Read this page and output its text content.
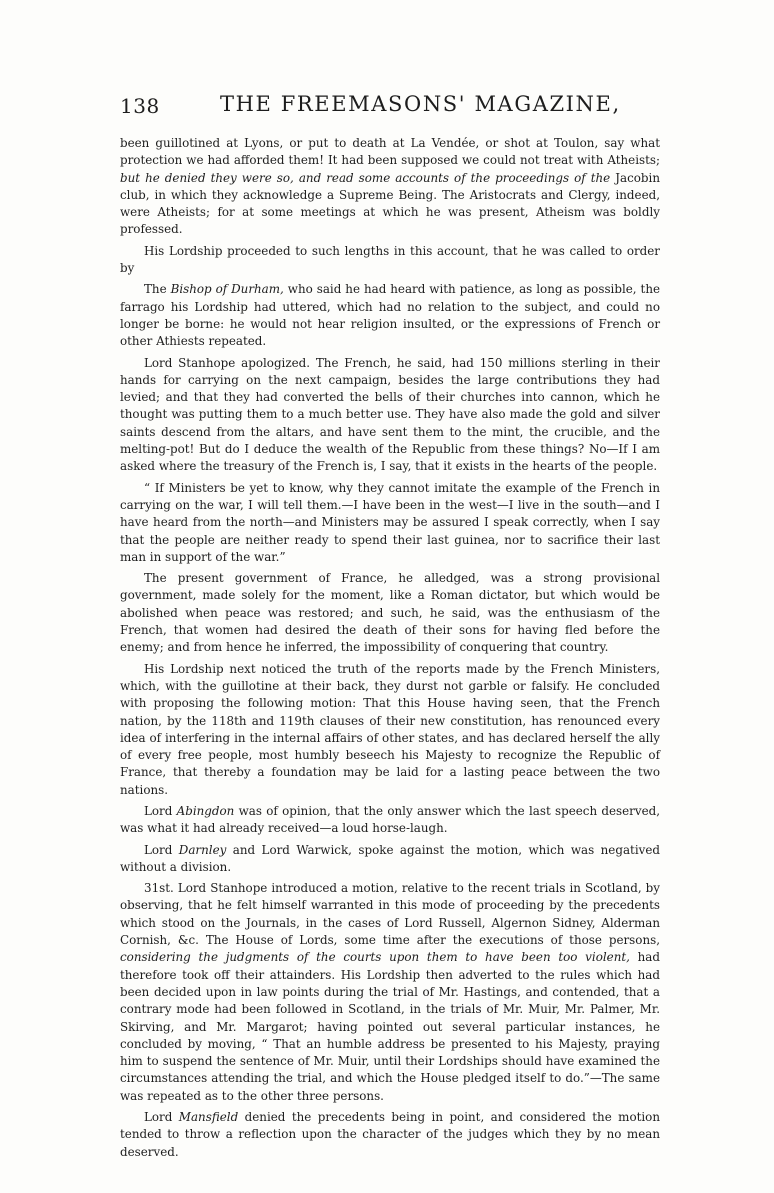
138	THE FREEMASONS' MAGAZINE,

been guillotined at Lyons, or put to death at La Vendée, or shot at Toulon, say what protection we had afforded them! It had been supposed we could not treat with Atheists; but he denied they were so, and read some accounts of the proceedings of the Jacobin club, in which they acknowledge a Supreme Being. The Aristocrats and Clergy, indeed, were Atheists; for at some meetings at which he was present, Atheism was boldly professed.

His Lordship proceeded to such lengths in this account, that he was called to order by

The Bishop of Durham, who said he had heard with patience, as long as possible, the farrago his Lordship had uttered, which had no relation to the subject, and could no longer be borne: he would not hear religion insulted, or the expressions of French or other Athiests repeated.

Lord Stanhope apologized. The French, he said, had 150 millions sterling in their hands for carrying on the next campaign, besides the large contributions they had levied; and that they had converted the bells of their churches into cannon, which he thought was putting them to a much better use. They have also made the gold and silver saints descend from the altars, and have sent them to the mint, the crucible, and the melting-pot! But do I deduce the wealth of the Republic from these things? No—If I am asked where the treasury of the French is, I say, that it exists in the hearts of the people.

“ If Ministers be yet to know, why they cannot imitate the example of the French in carrying on the war, I will tell them.—I have been in the west—I live in the south—and I have heard from the north—and Ministers may be assured I speak correctly, when I say that the people are neither ready to spend their last guinea, nor to sacrifice their last man in support of the war.”

The present government of France, he alledged, was a strong provisional government, made solely for the moment, like a Roman dictator, but which would be abolished when peace was restored; and such, he said, was the enthusiasm of the French, that women had desired the death of their sons for having fled before the enemy; and from hence he inferred, the impossibility of conquering that country.

His Lordship next noticed the truth of the reports made by the French Ministers, which, with the guillotine at their back, they durst not garble or falsify. He concluded with proposing the following motion: That this House having seen, that the French nation, by the 118th and 119th clauses of their new constitution, has renounced every idea of interfering in the internal affairs of other states, and has declared herself the ally of every free people, most humbly beseech his Majesty to recognize the Republic of France, that thereby a foundation may be laid for a lasting peace between the two nations.

Lord Abingdon was of opinion, that the only answer which the last speech deserved, was what it had already received—a loud horse-laugh.

Lord Darnley and Lord Warwick, spoke against the motion, which was negatived without a division.

31st. Lord Stanhope introduced a motion, relative to the recent trials in Scotland, by observing, that he felt himself warranted in this mode of proceeding by the precedents which stood on the Journals, in the cases of Lord Russell, Algernon Sidney, Alderman Cornish, &c. The House of Lords, some time after the executions of those persons, considering the judgments of the courts upon them to have been too violent, had therefore took off their attainders. His Lordship then adverted to the rules which had been decided upon in law points during the trial of Mr. Hastings, and contended, that a contrary mode had been followed in Scotland, in the trials of Mr. Muir, Mr. Palmer, Mr. Skirving, and Mr. Margarot; having pointed out several particular instances, he concluded by moving, “ That an humble address be presented to his Majesty, praying him to suspend the sentence of Mr. Muir, until their Lordships should have examined the circumstances attending the trial, and which the House pledged itself to do.”—The same was repeated as to the other three persons.

Lord Mansfield denied the precedents being in point, and considered the motion tended to throw a reflection upon the character of the judges which they by no mean deserved.
